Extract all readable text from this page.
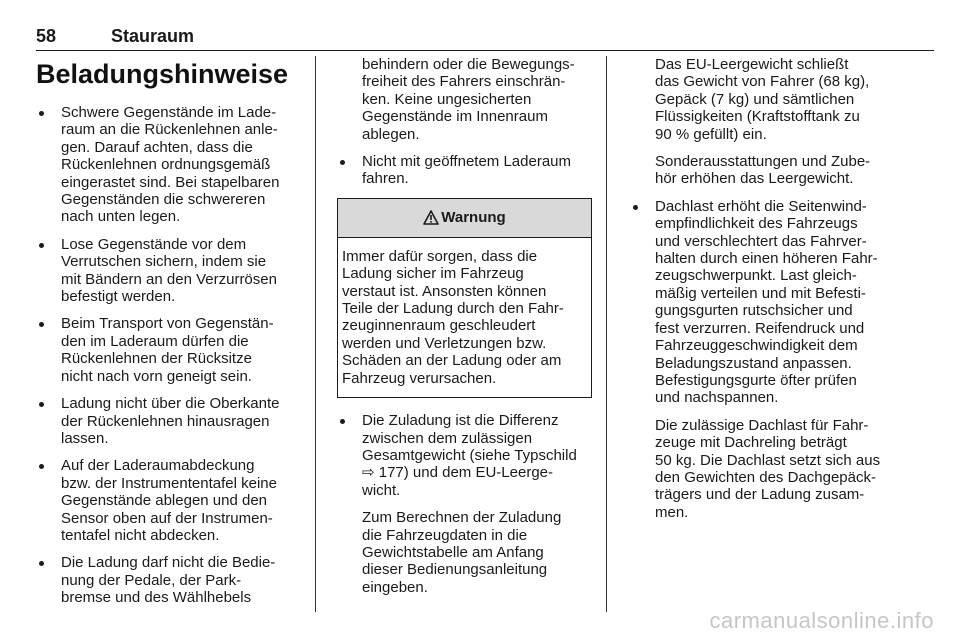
58	Stauraum
Beladungshinweise
Schwere Gegenstände im Lade-
raum an die Rückenlehnen anle-
gen. Darauf achten, dass die
Rückenlehnen ordnungsgemäß
eingerastet sind. Bei stapelbaren
Gegenständen die schwereren
nach unten legen.
Lose Gegenstände vor dem
Verrutschen sichern, indem sie
mit Bändern an den Verzurrösen
befestigt werden.
Beim Transport von Gegenstän-
den im Laderaum dürfen die
Rückenlehnen der Rücksitze
nicht nach vorn geneigt sein.
Ladung nicht über die Oberkante
der Rückenlehnen hinausragen
lassen.
Auf der Laderaumabdeckung
bzw. der Instrumententafel keine
Gegenstände ablegen und den
Sensor oben auf der Instrumen-
tentafel nicht abdecken.
Die Ladung darf nicht die Bedie-
nung der Pedale, der Park-
bremse und des Wählhebels
behindern oder die Bewegungs-
freiheit des Fahrers einschrän-
ken. Keine ungesicherten
Gegenstände im Innenraum
ablegen.
Nicht mit geöffnetem Laderaum
fahren.
Warnung
Immer dafür sorgen, dass die
Ladung sicher im Fahrzeug
verstaut ist. Ansonsten können
Teile der Ladung durch den Fahr-
zeuginnenraum geschleudert
werden und Verletzungen bzw.
Schäden an der Ladung oder am
Fahrzeug verursachen.
Die Zuladung ist die Differenz
zwischen dem zulässigen
Gesamtgewicht (siehe Typschild
⇨ 177) und dem EU-Leerge-
wicht.
Zum Berechnen der Zuladung
die Fahrzeugdaten in die
Gewichtstabelle am Anfang
dieser Bedienungsanleitung
eingeben.
Das EU-Leergewicht schließt
das Gewicht von Fahrer (68 kg),
Gepäck (7 kg) und sämtlichen
Flüssigkeiten (Kraftstofftank zu
90 % gefüllt) ein.
Sonderausstattungen und Zube-
hör erhöhen das Leergewicht.
Dachlast erhöht die Seitenwind-
empfindlichkeit des Fahrzeugs
und verschlechtert das Fahrver-
halten durch einen höheren Fahr-
zeugschwerpunkt. Last gleich-
mäßig verteilen und mit Befesti-
gungsgurten rutschsicher und
fest verzurren. Reifendruck und
Fahrzeuggeschwindigkeit dem
Beladungszustand anpassen.
Befestigungsgurte öfter prüfen
und nachspannen.
Die zulässige Dachlast für Fahr-
zeuge mit Dachreling beträgt
50 kg. Die Dachlast setzt sich aus
den Gewichten des Dachgepäck-
trägers und der Ladung zusam-
men.
carmanualsonline.info
